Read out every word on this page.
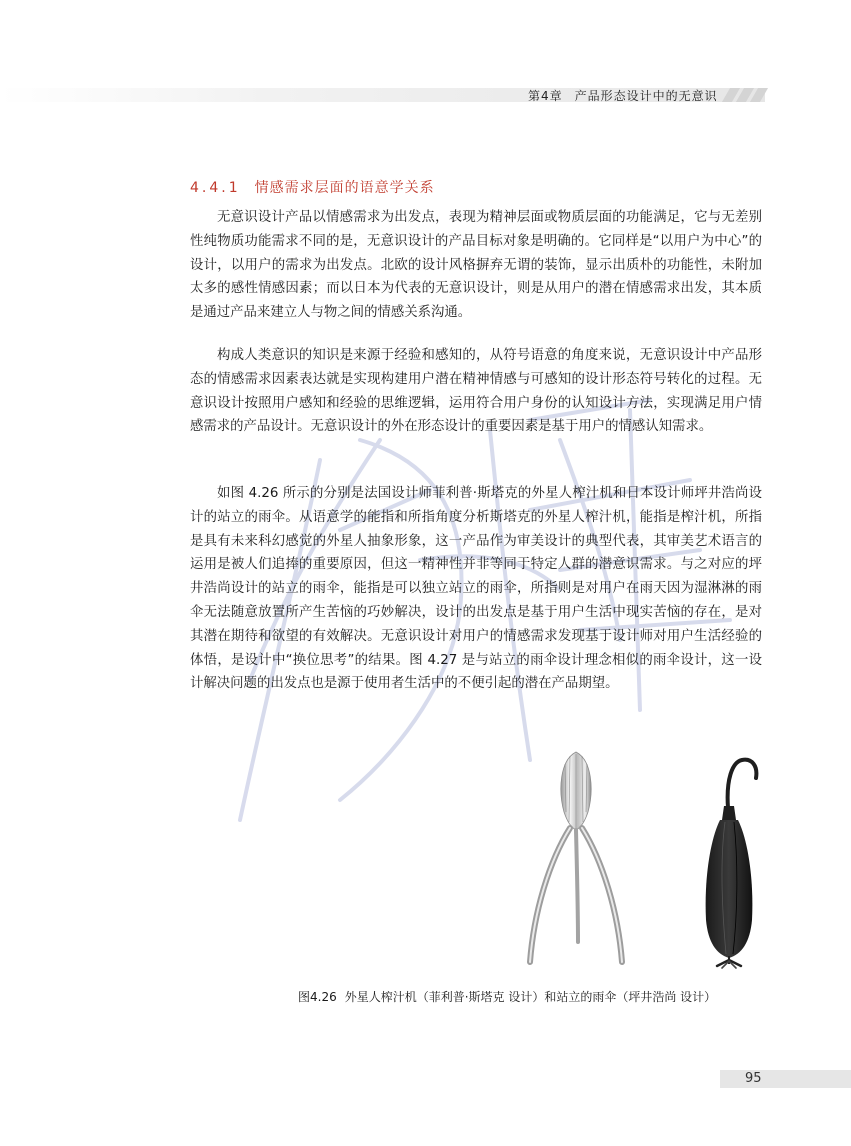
第4章 产品形态设计中的无意识
4.4.1 情感需求层面的语意学关系

无意识设计产品以情感需求为出发点，表现为精神层面或物质层面的功能满足，它与无差别性纯物质功能需求不同的是，无意识设计的产品目标对象是明确的。它同样是“以用户为中心”的设计，以用户的需求为出发点。北欧的设计风格摒弃无谓的装饰，显示出质朴的功能性，未附加太多的感性情感因素；而以日本为代表的无意识设计，则是从用户的潜在情感需求出发，其本质是通过产品来建立人与物之间的情感关系沟通。

构成人类意识的知识是来源于经验和感知的，从符号语意的角度来说，无意识设计中产品形态的情感需求因素表达就是实现构建用户潜在精神情感与可感知的设计形态符号转化的过程。无意识设计按照用户感知和经验的思维逻辑，运用符合用户身份的认知设计方法，实现满足用户情感需求的产品设计。无意识设计的外在形态设计的重要因素是基于用户的情感认知需求。

如图 4.26 所示的分别是法国设计师菲利普·斯塔克的外星人榨汁机和日本设计师坪井浩尚设计的站立的雨伞。从语意学的能指和所指角度分析斯塔克的外星人榨汁机，能指是榨汁机，所指是具有未来科幻感觉的外星人抽象形象，这一产品作为审美设计的典型代表，其审美艺术语言的运用是被人们追捧的重要原因，但这一精神性并非等同于特定人群的潜意识需求。与之对应的坪井浩尚设计的站立的雨伞，能指是可以独立站立的雨伞，所指则是对用户在雨天因为湿淋淋的雨伞无法随意放置所产生苦恼的巧妙解决，设计的出发点是基于用户生活中现实苦恼的存在，是对其潜在期待和欲望的有效解决。无意识设计对用户的情感需求发现基于设计师对用户生活经验的体悟，是设计中“换位思考”的结果。图 4.27 是与站立的雨伞设计理念相似的雨伞设计，这一设计解决问题的出发点也是源于使用者生活中的不便引起的潜在产品期望。

图4.26 外星人榨汁机（菲利普·斯塔克 设计）和站立的雨伞（坪井浩尚 设计）
95
